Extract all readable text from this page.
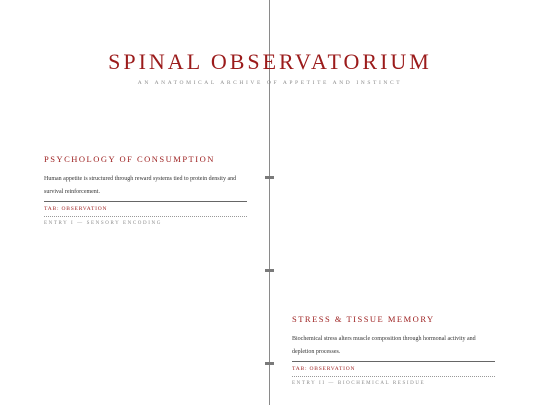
SPINAL OBSERVATORIUM
AN ANATOMICAL ARCHIVE OF APPETITE AND INSTINCT
PSYCHOLOGY OF CONSUMPTION
Human appetite is structured through reward systems tied to protein density and survival reinforcement.
TAB: OBSERVATION
ENTRY I — SENSORY ENCODING
STRESS & TISSUE MEMORY
Biochemical stress alters muscle composition through hormonal activity and depletion processes.
TAB: OBSERVATION
ENTRY II — BIOCHEMICAL RESIDUE
